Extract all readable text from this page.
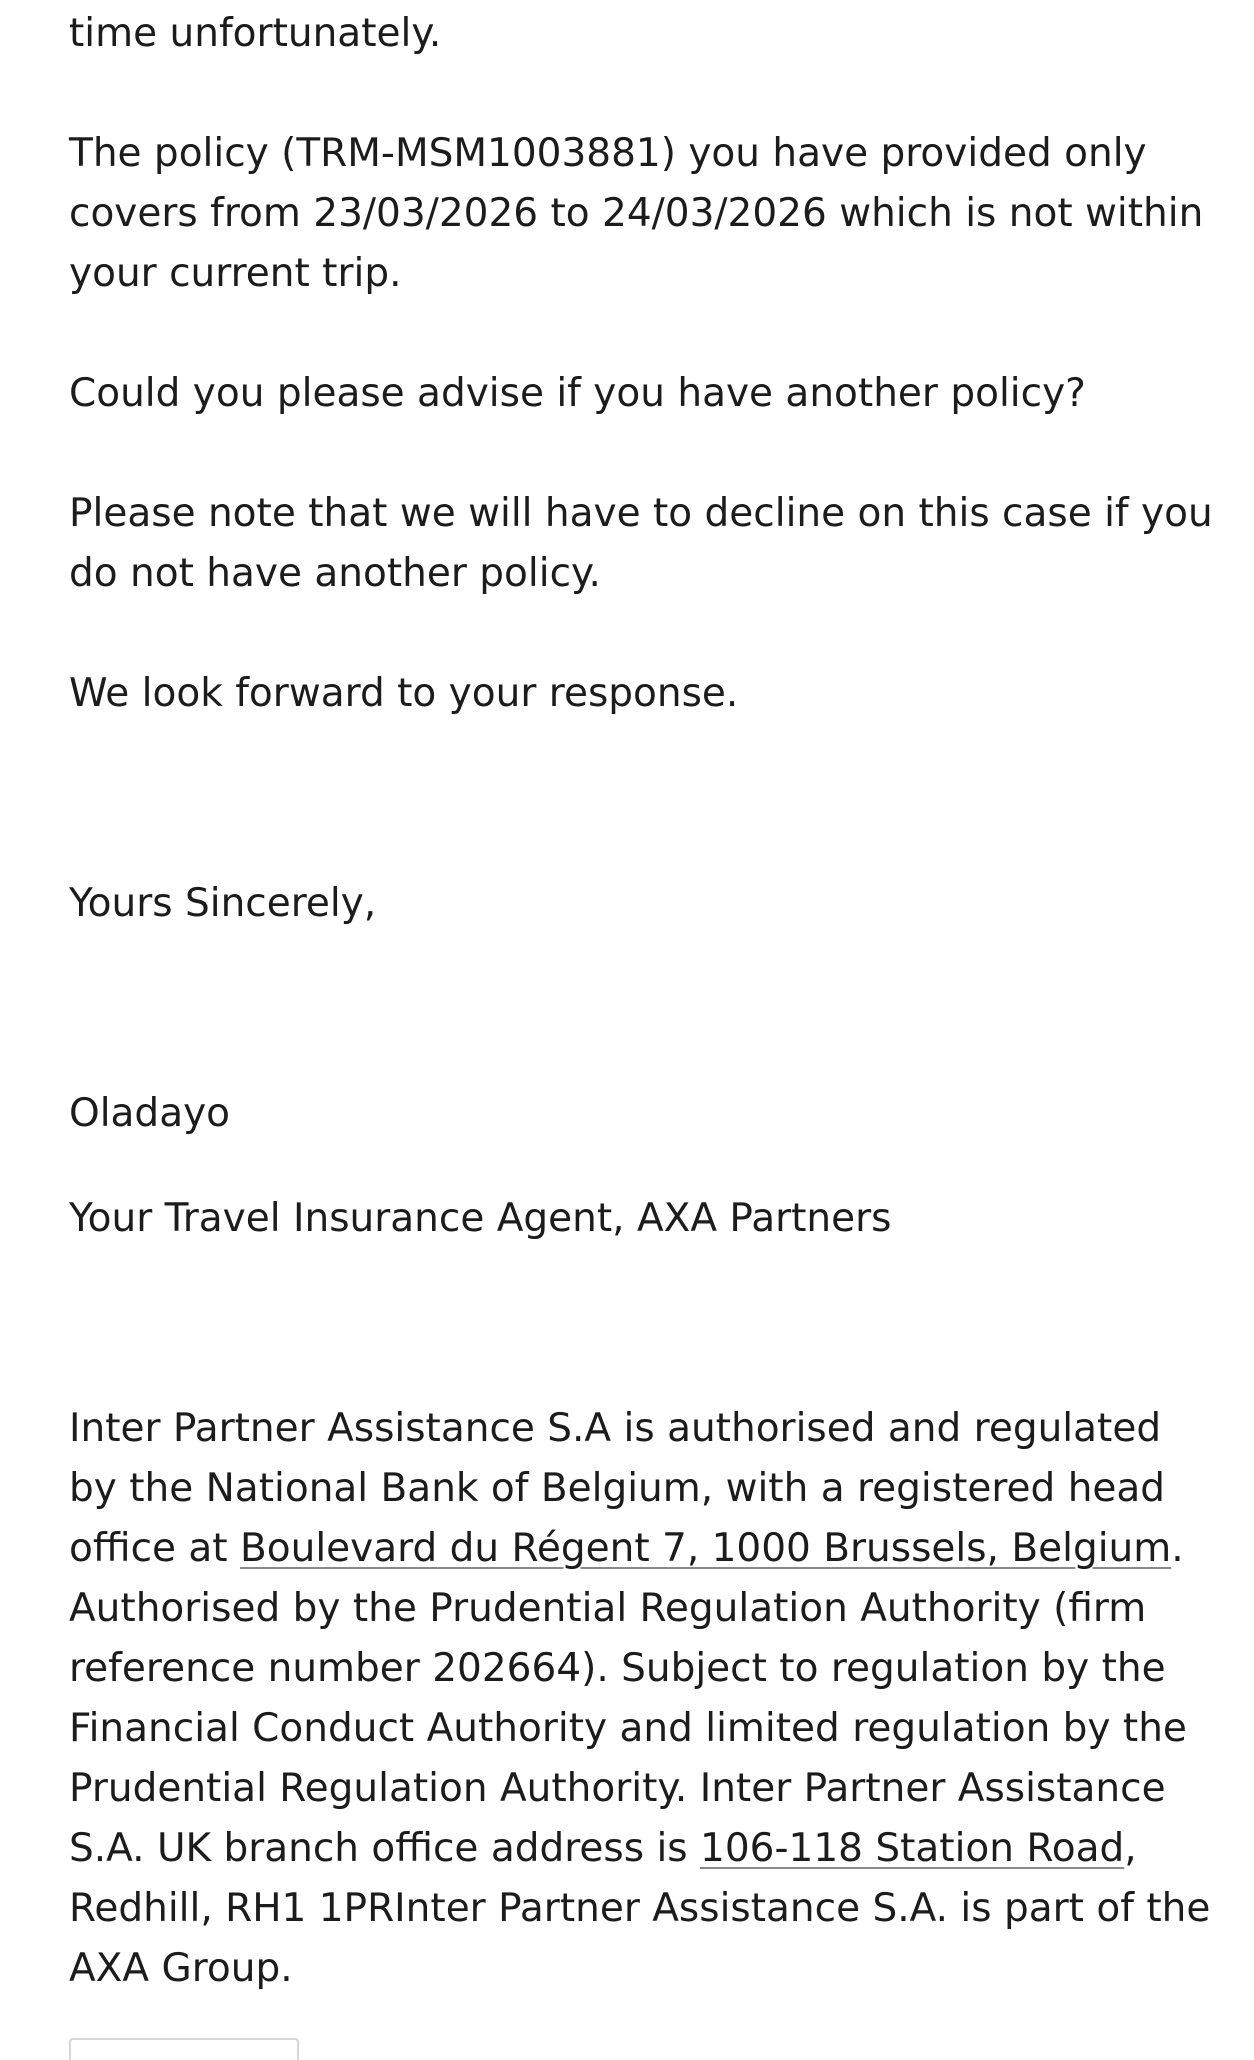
time unfortunately.

The policy (TRM-MSM1003881) you have provided only covers from 23/03/2026 to 24/03/2026 which is not within your current trip.

Could you please advise if you have another policy?

Please note that we will have to decline on this case if you do not have another policy.

We look forward to your response.

Yours Sincerely,

Oladayo

Your Travel Insurance Agent, AXA Partners

Inter Partner Assistance S.A is authorised and regulated by the National Bank of Belgium, with a registered head office at Boulevard du Régent 7, 1000 Brussels, Belgium. Authorised by the Prudential Regulation Authority (firm reference number 202664). Subject to regulation by the Financial Conduct Authority and limited regulation by the Prudential Regulation Authority. Inter Partner Assistance S.A. UK branch office address is 106-118 Station Road, Redhill, RH1 1PRInter Partner Assistance S.A. is part of the AXA Group.
